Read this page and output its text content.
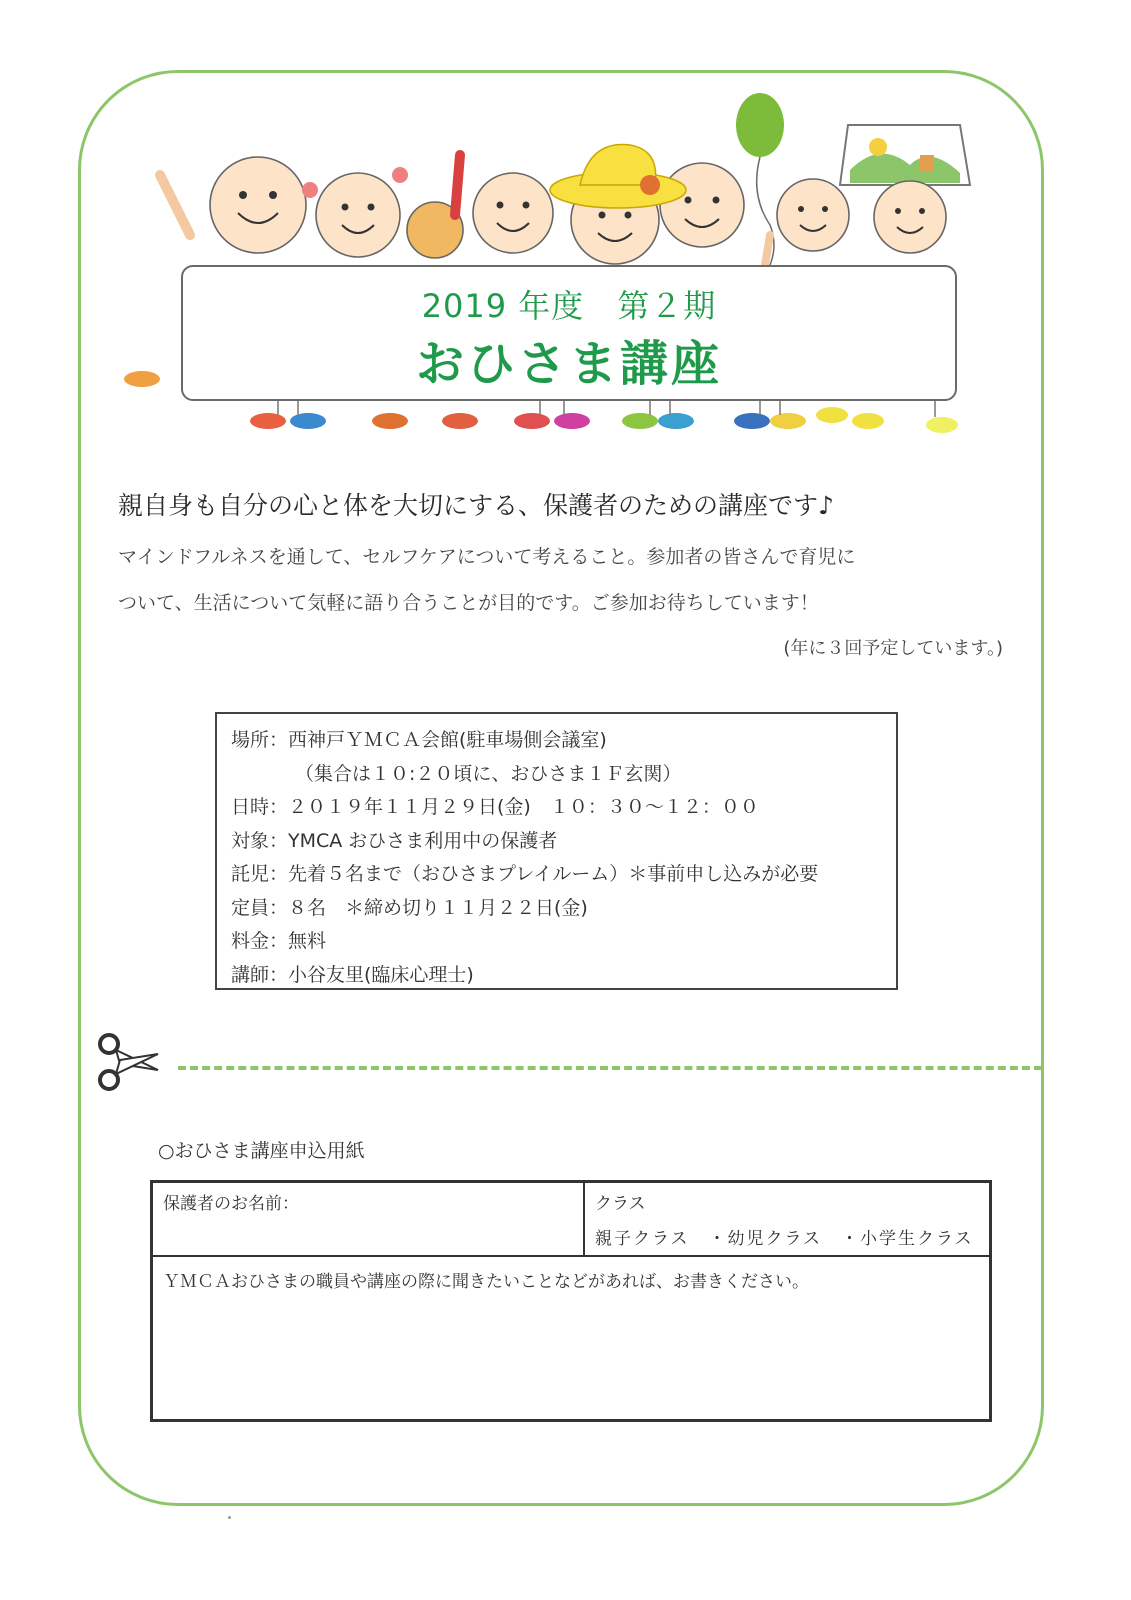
2019 年度　第２期
おひさま講座
親自身も自分の心と体を大切にする、保護者のための講座です♪
マインドフルネスを通して、セルフケアについて考えること。参加者の皆さんで育児に
ついて、生活について気軽に語り合うことが目的です。ご参加お待ちしています！
(年に３回予定しています。)
場所：西神戸ＹＭＣＡ会館(駐車場側会議室)
（集合は１０:２０頃に、おひさま１Ｆ玄関）
日時：２０１９年１１月２９日(金)　１０：３０〜１２：００
対象：YMCA おひさま利用中の保護者
託児：先着５名まで（おひさまプレイルーム）＊事前申し込みが必要
定員：８名　＊締め切り１１月２２日(金)
料金：無料
講師：小谷友里(臨床心理士)
○おひさま講座申込用紙
保護者のお名前：	クラス
親子クラス　・幼児クラス　・小学生クラス

ＹＭＣＡおひさまの職員や講座の際に聞きたいことなどがあれば、お書きください。
